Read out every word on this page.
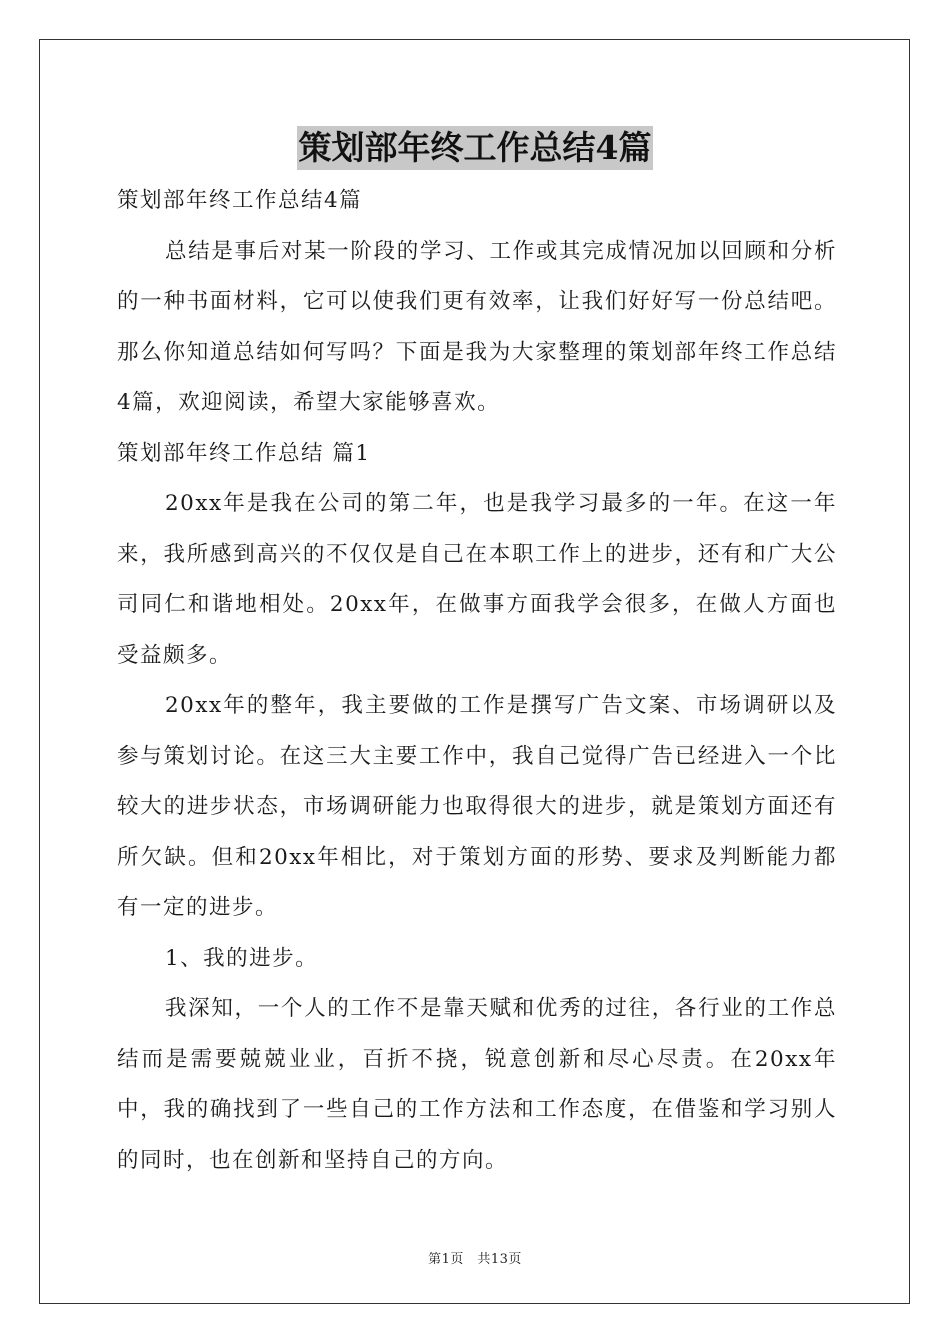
策划部年终工作总结4篇

策划部年终工作总结4篇

总结是事后对某一阶段的学习、工作或其完成情况加以回顾和分析的一种书面材料，它可以使我们更有效率，让我们好好写一份总结吧。那么你知道总结如何写吗？下面是我为大家整理的策划部年终工作总结4篇，欢迎阅读，希望大家能够喜欢。

策划部年终工作总结 篇1

20xx年是我在公司的第二年，也是我学习最多的一年。在这一年来，我所感到高兴的不仅仅是自己在本职工作上的进步，还有和广大公司同仁和谐地相处。20xx年，在做事方面我学会很多，在做人方面也受益颇多。

20xx年的整年，我主要做的工作是撰写广告文案、市场调研以及参与策划讨论。在这三大主要工作中，我自己觉得广告已经进入一个比较大的进步状态，市场调研能力也取得很大的进步，就是策划方面还有所欠缺。但和20xx年相比，对于策划方面的形势、要求及判断能力都有一定的进步。

1、我的进步。

我深知，一个人的工作不是靠天赋和优秀的过往，各行业的工作总结而是需要兢兢业业，百折不挠，锐意创新和尽心尽责。在20xx年中，我的确找到了一些自己的工作方法和工作态度，在借鉴和学习别人的同时，也在创新和坚持自己的方向。

第1页　共13页
